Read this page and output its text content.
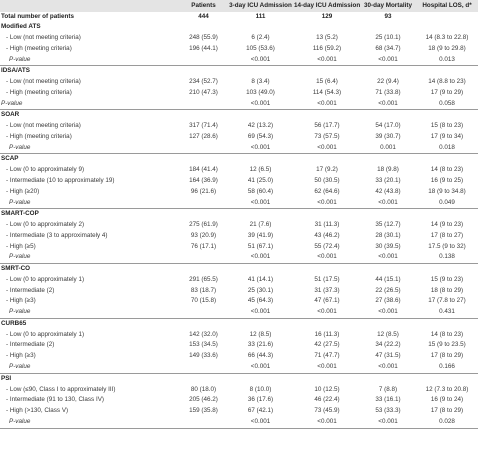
	Patients	3-day ICU Admission	14-day ICU Admission	30-day Mortality	Hospital LOS, d*
Total number of patients	444	111	129	93	
Modified ATS					
- Low (not meeting criteria)	248 (55.9)	6 (2.4)	13 (5.2)	25 (10.1)	14 (8.3 to 22.8)
- High (meeting criteria)	196 (44.1)	105 (53.6)	116 (59.2)	68 (34.7)	18 (9 to 29.8)
P-value		<0.001	<0.001	<0.001	0.013
IDSA/ATS					
- Low (not meeting criteria)	234 (52.7)	8 (3.4)	15 (6.4)	22 (9.4)	14 (8.8 to 23)
- High (meeting criteria)	210 (47.3)	103 (49.0)	114 (54.3)	71 (33.8)	17 (9 to 29)
P-value		<0.001	<0.001	<0.001	0.058
SOAR					
- Low (not meeting criteria)	317 (71.4)	42 (13.2)	56 (17.7)	54 (17.0)	15 (8 to 23)
- High (meeting criteria)	127 (28.6)	69 (54.3)	73 (57.5)	39 (30.7)	17 (9 to 34)
P-value		<0.001	<0.001	0.001	0.018
SCAP					
- Low (0 to approximately 9)	184 (41.4)	12 (6.5)	17 (9.2)	18 (9.8)	14 (8 to 23)
- Intermediate (10 to approximately 19)	164 (36.9)	41 (25.0)	50 (30.5)	33 (20.1)	16 (9 to 25)
- High (≥20)	96 (21.6)	58 (60.4)	62 (64.6)	42 (43.8)	18 (9 to 34.8)
P-value		<0.001	<0.001	<0.001	0.049
SMART-COP					
- Low (0 to approximately 2)	275 (61.9)	21 (7.6)	31 (11.3)	35 (12.7)	14 (9 to 23)
- Intermediate (3 to approximately 4)	93 (20.9)	39 (41.9)	43 (46.2)	28 (30.1)	17 (8 to 27)
- High (≥5)	76 (17.1)	51 (67.1)	55 (72.4)	30 (39.5)	17.5 (9 to 32)
P-value		<0.001	<0.001	<0.001	0.138
SMRT-CO					
- Low (0 to approximately 1)	291 (65.5)	41 (14.1)	51 (17.5)	44 (15.1)	15 (9 to 23)
- Intermediate (2)	83 (18.7)	25 (30.1)	31 (37.3)	22 (26.5)	18 (8 to 29)
- High (≥3)	70 (15.8)	45 (64.3)	47 (67.1)	27 (38.6)	17 (7.8 to 27)
P-value		<0.001	<0.001	<0.001	0.431
CURB65					
- Low (0 to approximately 1)	142 (32.0)	12 (8.5)	16 (11.3)	12 (8.5)	14 (8 to 23)
- Intermediate (2)	153 (34.5)	33 (21.6)	42 (27.5)	34 (22.2)	15 (9 to 23.5)
- High (≥3)	149 (33.6)	66 (44.3)	71 (47.7)	47 (31.5)	17 (8 to 29)
P-value		<0.001	<0.001	<0.001	0.166
PSI					
- Low (≤90, Class I to approximately III)	80 (18.0)	8 (10.0)	10 (12.5)	7 (8.8)	12 (7.3 to 20.8)
- Intermediate (91 to 130, Class IV)	205 (46.2)	36 (17.6)	46 (22.4)	33 (16.1)	16 (9 to 24)
- High (>130, Class V)	159 (35.8)	67 (42.1)	73 (45.9)	53 (33.3)	17 (8 to 29)
P-value		<0.001	<0.001	<0.001	0.028
